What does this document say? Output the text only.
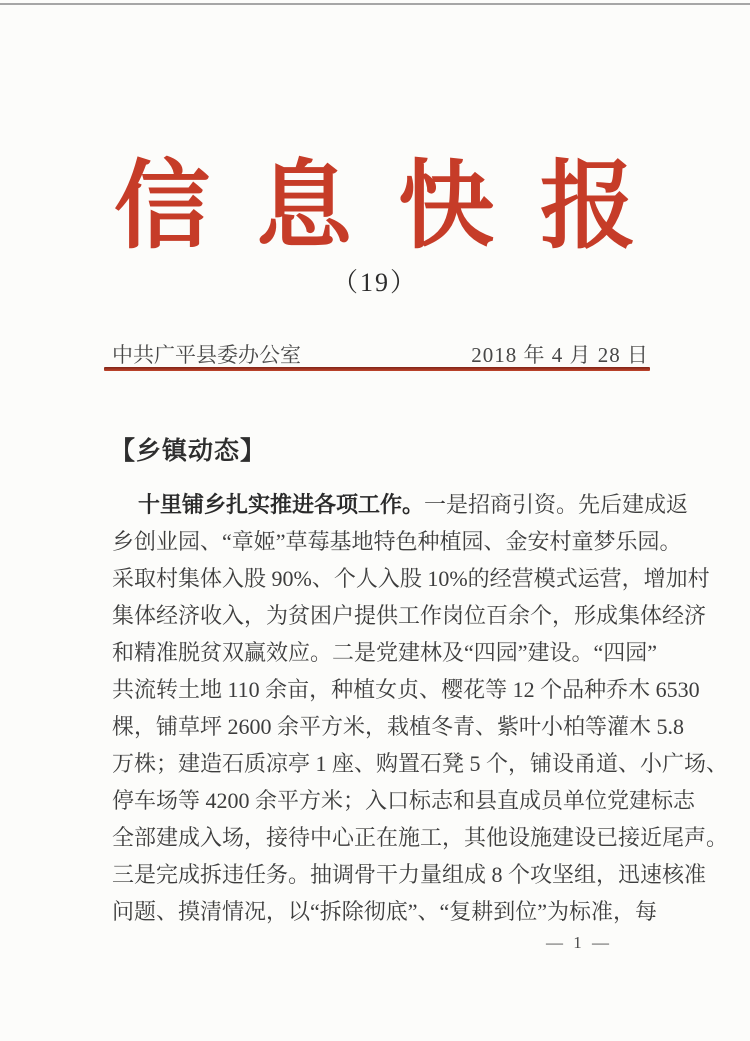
信息快报
（19）
中共广平县委办公室	2018 年 4 月 28 日
【乡镇动态】
十里铺乡扎实推进各项工作。一是招商引资。先后建成返
乡创业园、“章姬”草莓基地特色种植园、金安村童梦乐园。
采取村集体入股 90%、个人入股 10%的经营模式运营，增加村
集体经济收入，为贫困户提供工作岗位百余个，形成集体经济
和精准脱贫双赢效应。二是党建林及“四园”建设。“四园”
共流转土地 110 余亩，种植女贞、樱花等 12 个品种乔木 6530
棵，铺草坪 2600 余平方米，栽植冬青、紫叶小柏等灌木 5.8
万株；建造石质凉亭 1 座、购置石凳 5 个，铺设甬道、小广场、
停车场等 4200 余平方米；入口标志和县直成员单位党建标志
全部建成入场，接待中心正在施工，其他设施建设已接近尾声。
三是完成拆违任务。抽调骨干力量组成 8 个攻坚组，迅速核准
问题、摸清情况，以“拆除彻底”、“复耕到位”为标准，每
— 1 —
